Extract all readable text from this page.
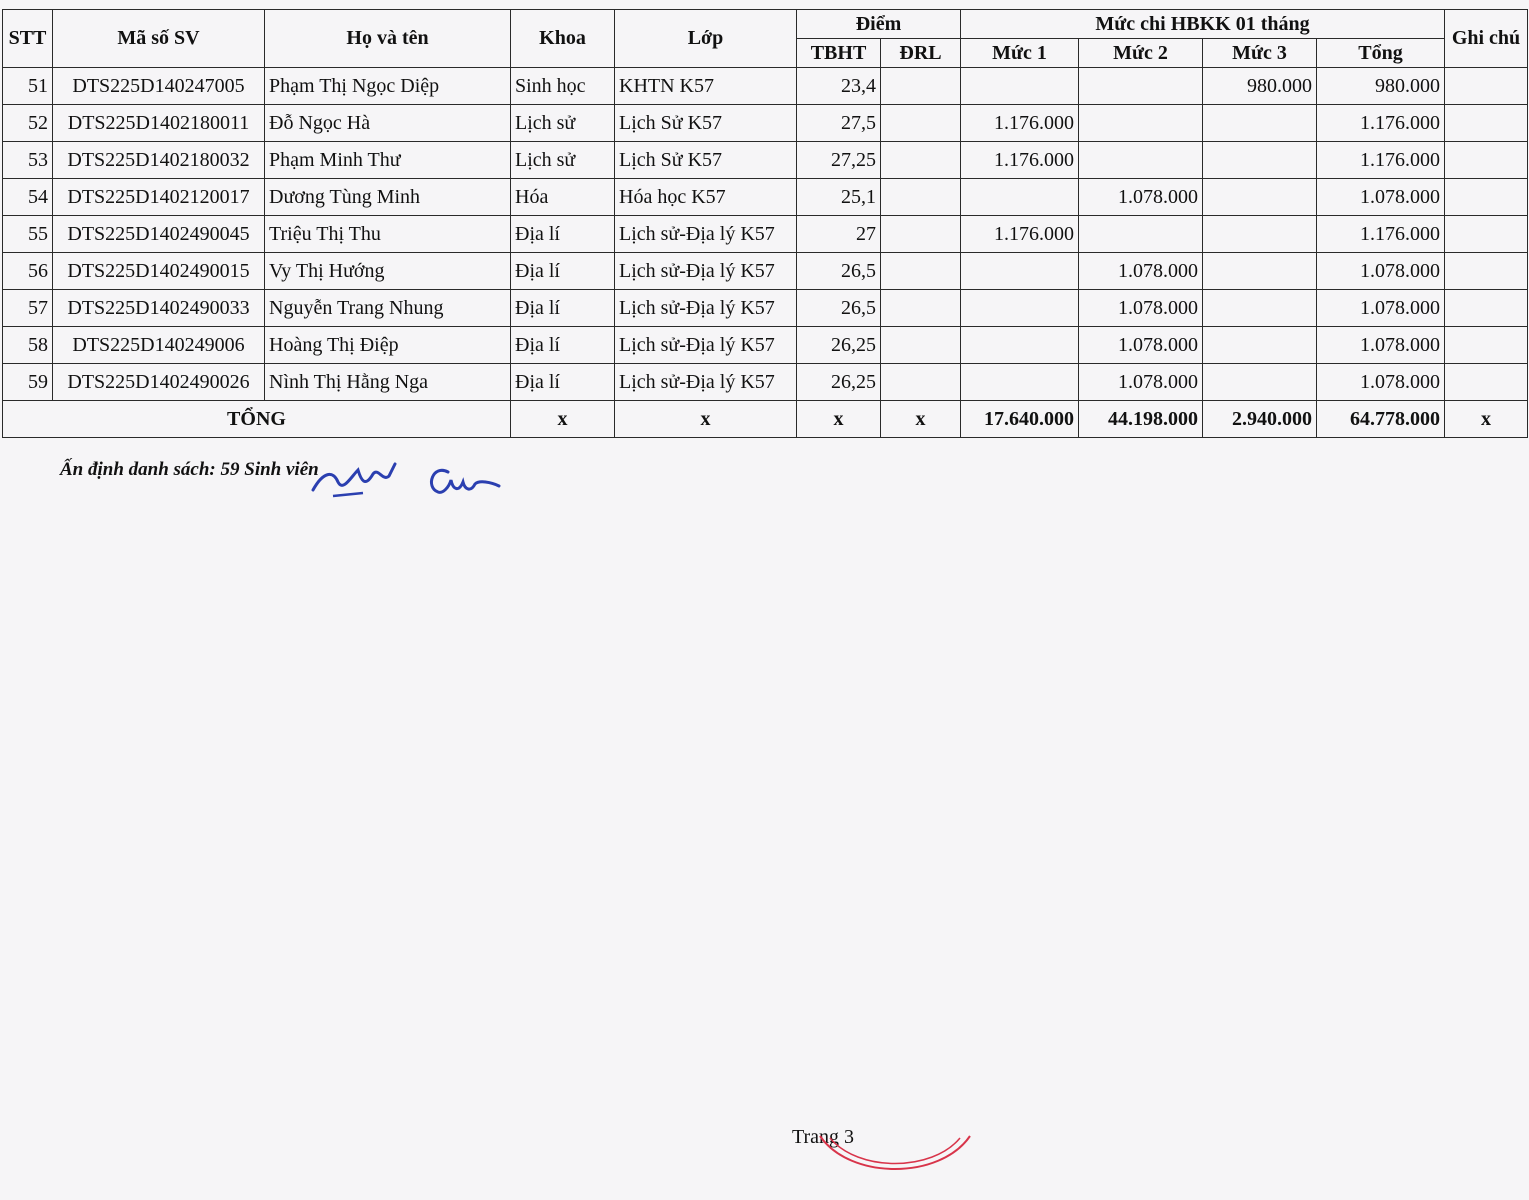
STT	Mã số SV	Họ và tên	Khoa	Lớp	Điểm		Mức chi HBKK 01 tháng				Ghi chú
					TBHT	ĐRL	Mức 1	Mức 2	Mức 3	Tổng	
51	DTS225D140247005	Phạm Thị Ngọc Diệp	Sinh học	KHTN K57	23,4				980.000	980.000	
52	DTS225D1402180011	Đỗ Ngọc Hà	Lịch sử	Lịch Sử K57	27,5		1.176.000			1.176.000	
53	DTS225D1402180032	Phạm Minh Thư	Lịch sử	Lịch Sử K57	27,25		1.176.000			1.176.000	
54	DTS225D1402120017	Dương Tùng Minh	Hóa	Hóa học K57	25,1			1.078.000		1.078.000	
55	DTS225D1402490045	Triệu Thị Thu	Địa lí	Lịch sử-Địa lý K57	27		1.176.000			1.176.000	
56	DTS225D1402490015	Vy Thị Hướng	Địa lí	Lịch sử-Địa lý K57	26,5			1.078.000		1.078.000	
57	DTS225D1402490033	Nguyễn Trang Nhung	Địa lí	Lịch sử-Địa lý K57	26,5			1.078.000		1.078.000	
58	DTS225D140249006	Hoàng Thị Điệp	Địa lí	Lịch sử-Địa lý K57	26,25			1.078.000		1.078.000	
59	DTS225D1402490026	Nình Thị Hằng Nga	Địa lí	Lịch sử-Địa lý K57	26,25			1.078.000		1.078.000	
TỔNG			x	x	x	x	17.640.000	44.198.000	2.940.000	64.778.000	x
Ấn định danh sách: 59 Sinh viên
Trang 3
